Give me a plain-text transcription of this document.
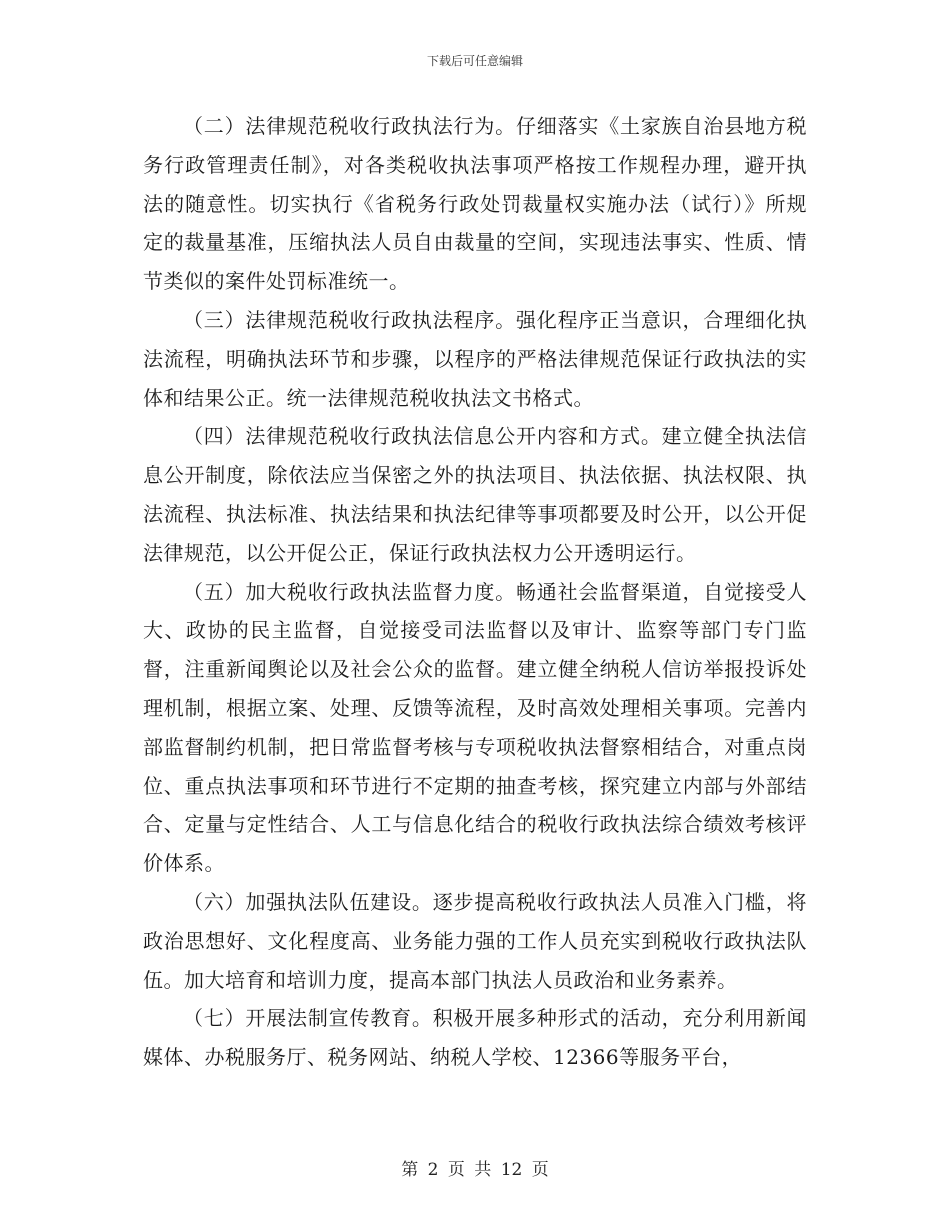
下载后可任意编辑

（二）法律规范税收行政执法行为。仔细落实《土家族自治县地方税务行政管理责任制》，对各类税收执法事项严格按工作规程办理，避开执法的随意性。切实执行《省税务行政处罚裁量权实施办法（试行）》所规定的裁量基准，压缩执法人员自由裁量的空间，实现违法事实、性质、情节类似的案件处罚标准统一。

（三）法律规范税收行政执法程序。强化程序正当意识，合理细化执法流程，明确执法环节和步骤，以程序的严格法律规范保证行政执法的实体和结果公正。统一法律规范税收执法文书格式。

（四）法律规范税收行政执法信息公开内容和方式。建立健全执法信息公开制度，除依法应当保密之外的执法项目、执法依据、执法权限、执法流程、执法标准、执法结果和执法纪律等事项都要及时公开，以公开促法律规范，以公开促公正，保证行政执法权力公开透明运行。

（五）加大税收行政执法监督力度。畅通社会监督渠道，自觉接受人大、政协的民主监督，自觉接受司法监督以及审计、监察等部门专门监督，注重新闻舆论以及社会公众的监督。建立健全纳税人信访举报投诉处理机制，根据立案、处理、反馈等流程，及时高效处理相关事项。完善内部监督制约机制，把日常监督考核与专项税收执法督察相结合，对重点岗位、重点执法事项和环节进行不定期的抽查考核，探究建立内部与外部结合、定量与定性结合、人工与信息化结合的税收行政执法综合绩效考核评价体系。

（六）加强执法队伍建设。逐步提高税收行政执法人员准入门槛，将政治思想好、文化程度高、业务能力强的工作人员充实到税收行政执法队伍。加大培育和培训力度，提高本部门执法人员政治和业务素养。

（七）开展法制宣传教育。积极开展多种形式的活动，充分利用新闻媒体、办税服务厅、税务网站、纳税人学校、12366等服务平台，

第 2 页 共 12 页
